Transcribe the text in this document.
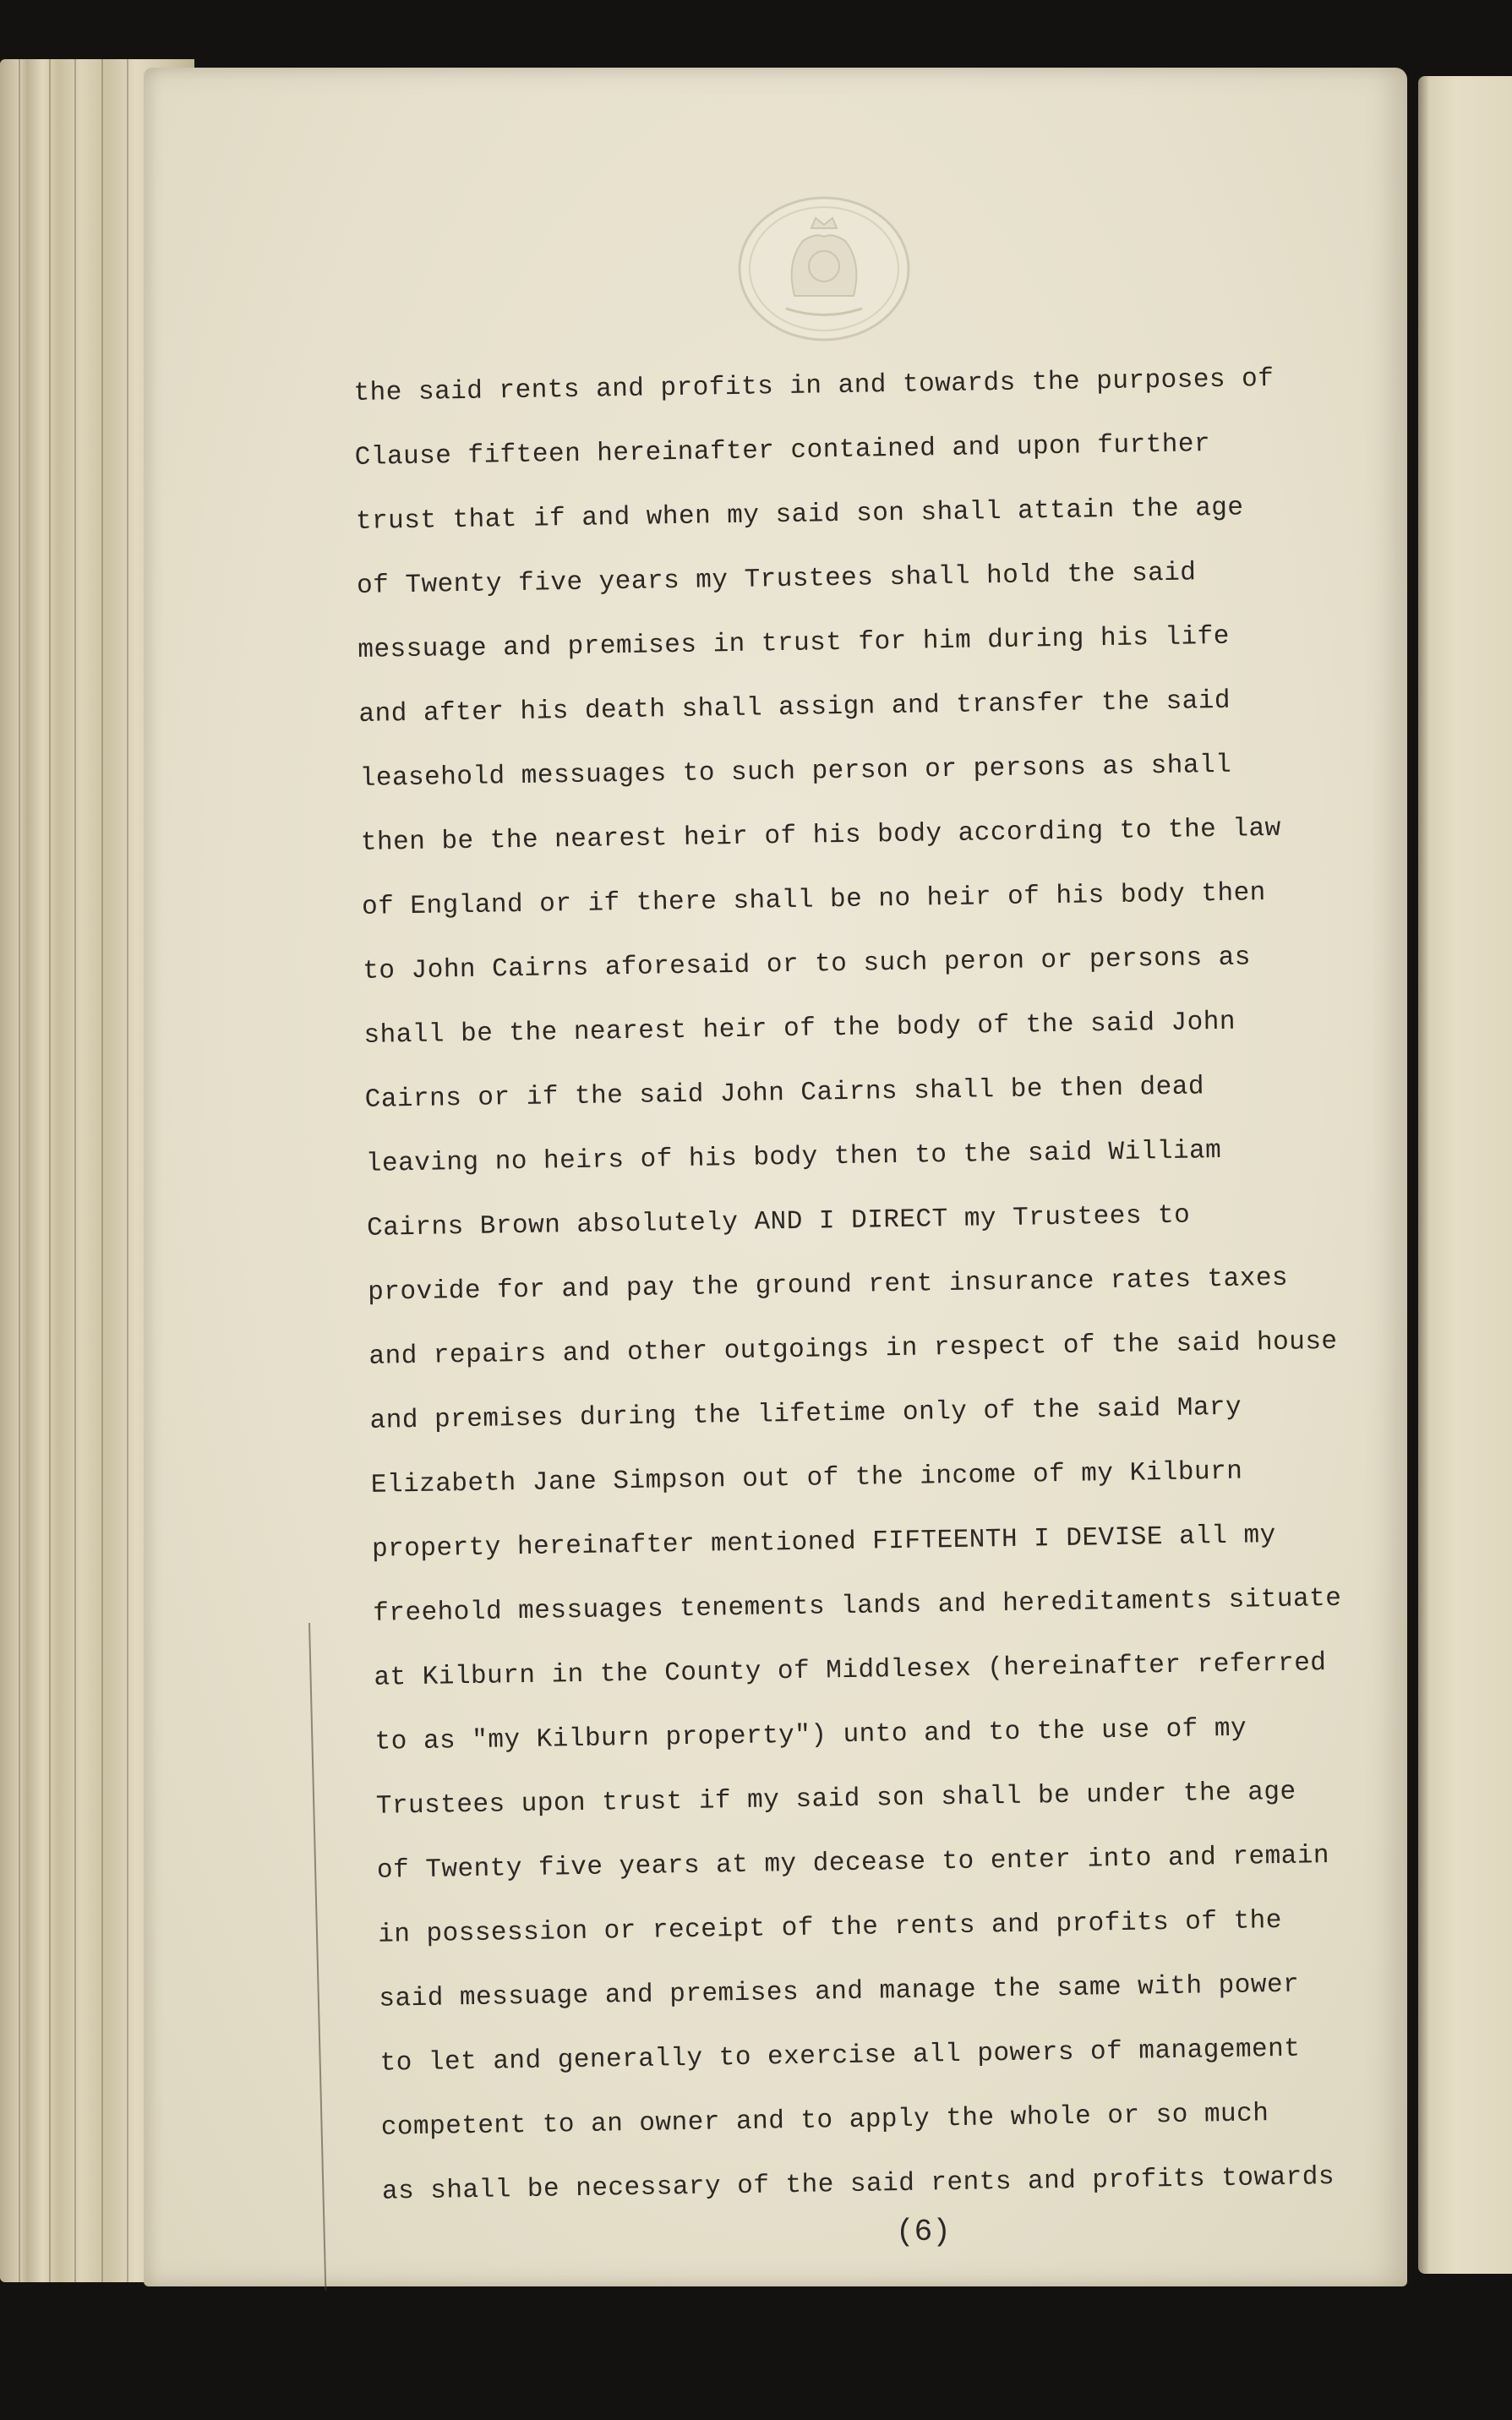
the said rents and profits in and towards the purposes of
Clause fifteen hereinafter contained and upon further
trust that if and when my said son shall attain the age
of Twenty five years my Trustees shall hold the said
messuage and premises in trust for him during his life
and after his death shall assign and transfer the said
leasehold messuages to such person or persons as shall
then be the nearest heir of his body according to the law
of England or if there shall be no heir of his body then
to John Cairns aforesaid or to such peron or persons as
shall be the nearest heir of the body of the said John
Cairns or if the said John Cairns shall be then dead
leaving no heirs of his body then to the said William
Cairns Brown absolutely AND I DIRECT my Trustees to
provide for and pay the ground rent insurance rates taxes
and repairs and other outgoings in respect of the said house
and premises during the lifetime only of the said Mary
Elizabeth Jane Simpson out of the income of my Kilburn
property hereinafter mentioned FIFTEENTH I DEVISE all my
freehold messuages tenements lands and hereditaments situate
at Kilburn in the County of Middlesex (hereinafter referred
to as "my Kilburn property") unto and to the use of my
Trustees upon trust if my said son shall be under the age
of Twenty five years at my decease to enter into and remain
in possession or receipt of the rents and profits of the
said messuage and premises and manage the same with power
to let and generally to exercise all powers of management
competent to an owner and to apply the whole or so much
as shall be necessary of the said rents and profits towards
(6)
